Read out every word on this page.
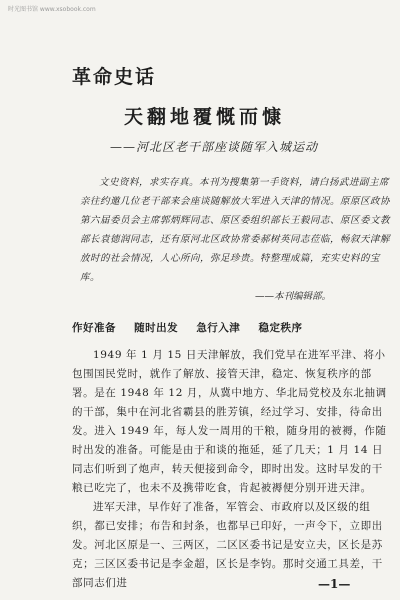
时光图书馆 www.xsobook.com
革命史话
天翻地覆慨而慷
——河北区老干部座谈随军入城运动
文史资料，求实存真。本刊为搜集第一手资料，请白扬武进副主席亲往约邀几位老干部来会座谈随解放大军进入天津的情况。原原区政协第六届委员会主席郭炳辉同志、原区委组织部长王毅同志、原区委文教部长袁德润同志，还有原河北区政协常委郝树英同志莅临，畅叙天津解放时的社会情况，人心所向，弥足珍贵。特整理成篇，充实史料的宝库。
——本刊编辑部。
作好准备 随时出发 急行入津 稳定秩序

1949 年 1 月 15 日天津解放，我们党早在进军平津、将小包围国民党时，就作了解放、接管天津，稳定、恢复秩序的部署。是在 1948 年 12 月，从冀中地方、华北局党校及东北抽调的干部，集中在河北省霸县的胜芳镇，经过学习、安排，待命出发。进入 1949 年，每人发一周用的干粮，随身用的被褥，作随时出发的准备。可能是由于和谈的拖延，延了几天；1 月 14 日同志们听到了炮声，转天便接到命令，即时出发。这时早发的干粮已吃完了，也未不及携带吃食，肯起被褥便分别开进天津。

进军天津，早作好了准备，军管会、市政府以及区级的组织，都已安排；布告和封条，也都早已印好，一声令下，立即出发。河北区原是一、三两区，二区区委书记是安立夫，区长是苏克；三区区委书记是李金超，区长是李钧。那时交通工具差，干部同志们进	—1—
